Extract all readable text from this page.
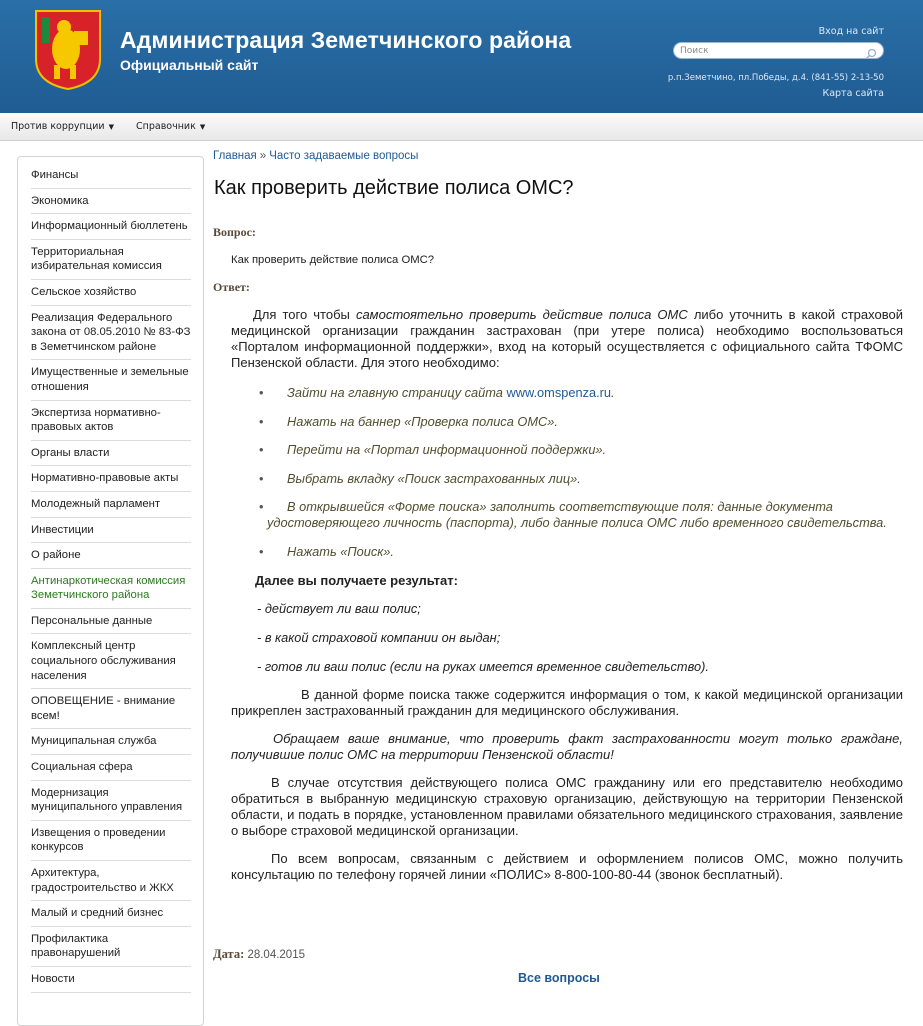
Администрация Земетчинского района
Официальный сайт
Вход на сайт
Поиск
р.п.Земетчино, пл.Победы, д.4. (841-55) 2-13-50
Карта сайта
Против коррупции ▼ Справочник ▼
Финансы
Экономика
Информационный бюллетень
Территориальная избирательная комиссия
Сельское хозяйство
Реализация Федерального закона от 08.05.2010 № 83-ФЗ в Земетчинском районе
Имущественные и земельные отношения
Экспертиза нормативно-правовых актов
Органы власти
Нормативно-правовые акты
Молодежный парламент
Инвестиции
О районе
Антинаркотическая комиссия Земетчинского района
Персональные данные
Комплексный центр социального обслуживания населения
ОПОВЕЩЕНИЕ - внимание всем!
Муниципальная служба
Социальная сфера
Модернизация муниципального управления
Извещения о проведении конкурсов
Архитектура, градостроительство и ЖКХ
Малый и средний бизнес
Профилактика правонарушений
Новости
Главная » Часто задаваемые вопросы
Как проверить действие полиса ОМС?
Вопрос:
Как проверить действие полиса ОМС?
Ответ:

Для того чтобы самостоятельно проверить действие полиса ОМС либо уточнить в какой страховой медицинской организации гражданин застрахован (при утере полиса) необходимо воспользоваться «Порталом информационной поддержки», вход на который осуществляется с официального сайта ТФОМС Пензенской области. Для этого необходимо:

• Зайти на главную страницу сайта www.omspenza.ru.
• Нажать на баннер «Проверка полиса ОМС».
• Перейти на «Портал информационной поддержки».
• Выбрать вкладку «Поиск застрахованных лиц».
• В открывшейся «Форме поиска» заполнить соответствующие поля: данные документа удостоверяющего личность (паспорта), либо данные полиса ОМС либо временного свидетельства.
• Нажать «Поиск».
Далее вы получаете результат:
- действует ли ваш полис;
- в какой страховой компании он выдан;
- готов ли ваш полис (если на руках имеется временное свидетельство).

В данной форме поиска также содержится информация о том, к какой медицинской организации прикреплен застрахованный гражданин для медицинского обслуживания.

Обращаем ваше внимание, что проверить факт застрахованности могут только граждане, получившие полис ОМС на территории Пензенской области!

В случае отсутствия действующего полиса ОМС гражданину или его представителю необходимо обратиться в выбранную медицинскую страховую организацию, действующую на территории Пензенской области, и подать в порядке, установленном правилами обязательного медицинского страхования, заявление о выборе страховой медицинской организации.

По всем вопросам, связанным с действием и оформлением полисов ОМС, можно получить консультацию по телефону горячей линии «ПОЛИС» 8-800-100-80-44 (звонок бесплатный).

Дата: 28.04.2015
Все вопросы
